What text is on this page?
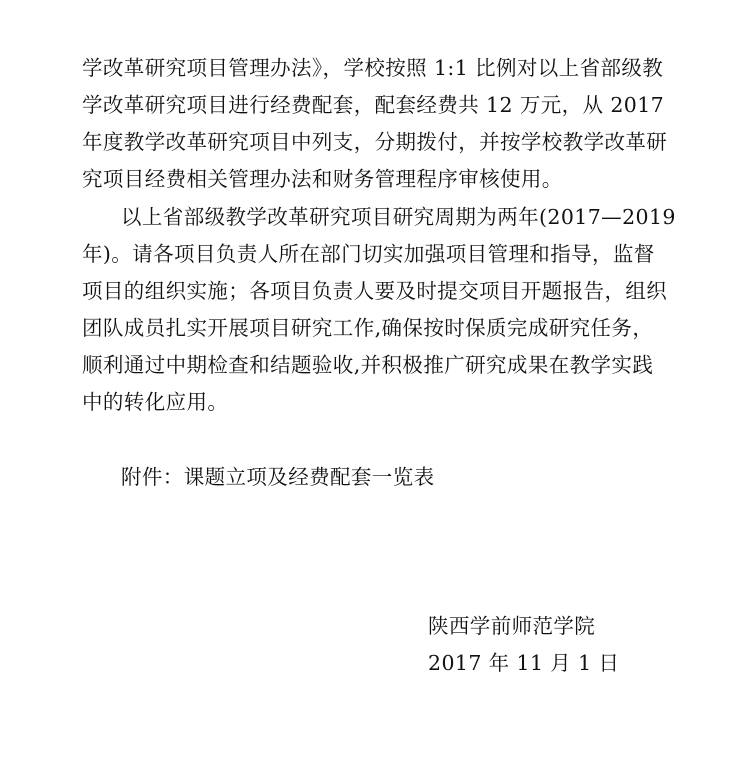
学改革研究项目管理办法》，学校按照 1:1 比例对以上省部级教
学改革研究项目进行经费配套，配套经费共 12 万元，从 2017
年度教学改革研究项目中列支，分期拨付，并按学校教学改革研
究项目经费相关管理办法和财务管理程序审核使用。
以上省部级教学改革研究项目研究周期为两年(2017—2019
年)。请各项目负责人所在部门切实加强项目管理和指导，监督
项目的组织实施；各项目负责人要及时提交项目开题报告，组织
团队成员扎实开展项目研究工作,确保按时保质完成研究任务，
顺利通过中期检查和结题验收,并积极推广研究成果在教学实践
中的转化应用。
附件：课题立项及经费配套一览表
陕西学前师范学院
2017 年 11 月 1 日
